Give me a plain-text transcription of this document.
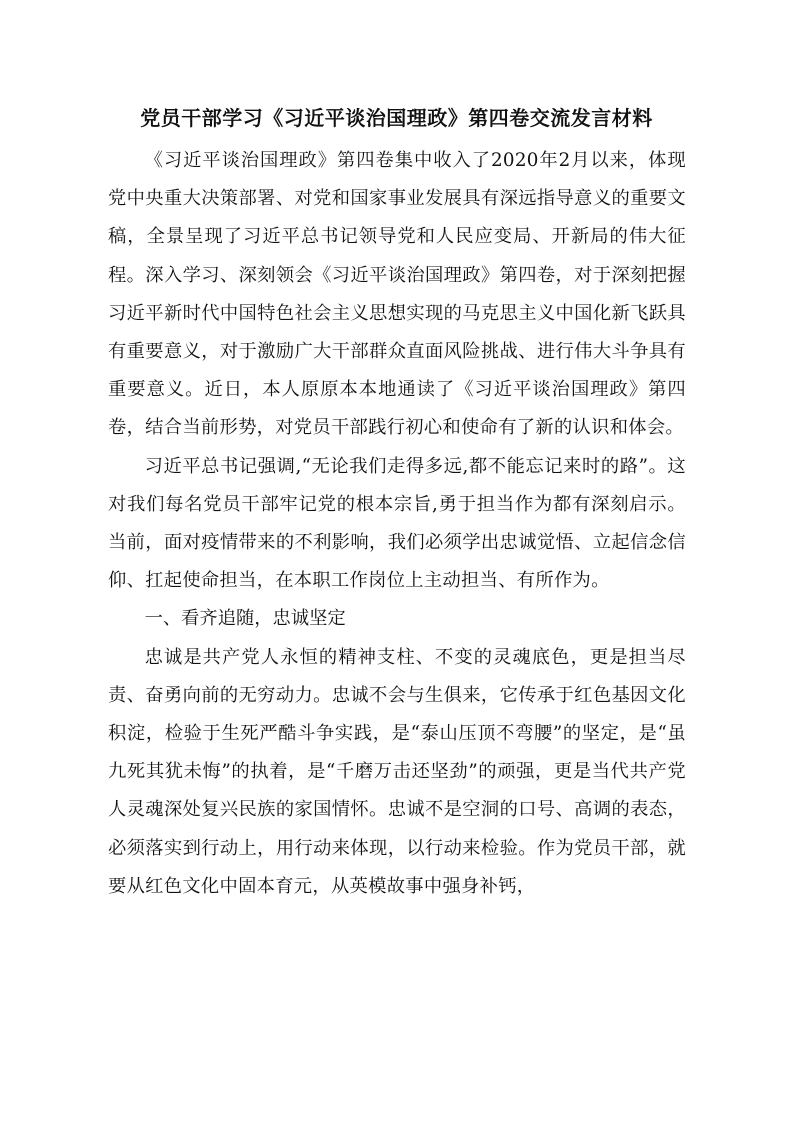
党员干部学习《习近平谈治国理政》第四卷交流发言材料

《习近平谈治国理政》第四卷集中收入了2020年2月以来，体现党中央重大决策部署、对党和国家事业发展具有深远指导意义的重要文稿，全景呈现了习近平总书记领导党和人民应变局、开新局的伟大征程。深入学习、深刻领会《习近平谈治国理政》第四卷，对于深刻把握习近平新时代中国特色社会主义思想实现的马克思主义中国化新飞跃具有重要意义，对于激励广大干部群众直面风险挑战、进行伟大斗争具有重要意义。近日，本人原原本本地通读了《习近平谈治国理政》第四卷，结合当前形势，对党员干部践行初心和使命有了新的认识和体会。

习近平总书记强调,“无论我们走得多远,都不能忘记来时的路”。这对我们每名党员干部牢记党的根本宗旨,勇于担当作为都有深刻启示。当前，面对疫情带来的不利影响，我们必须学出忠诚觉悟、立起信念信仰、扛起使命担当，在本职工作岗位上主动担当、有所作为。

一、看齐追随，忠诚坚定

忠诚是共产党人永恒的精神支柱、不变的灵魂底色，更是担当尽责、奋勇向前的无穷动力。忠诚不会与生俱来，它传承于红色基因文化积淀，检验于生死严酷斗争实践，是“泰山压顶不弯腰”的坚定，是“虽九死其犹未悔”的执着，是“千磨万击还坚劲”的顽强，更是当代共产党人灵魂深处复兴民族的家国情怀。忠诚不是空洞的口号、高调的表态，必须落实到行动上，用行动来体现，以行动来检验。作为党员干部，就要从红色文化中固本育元，从英模故事中强身补钙，
